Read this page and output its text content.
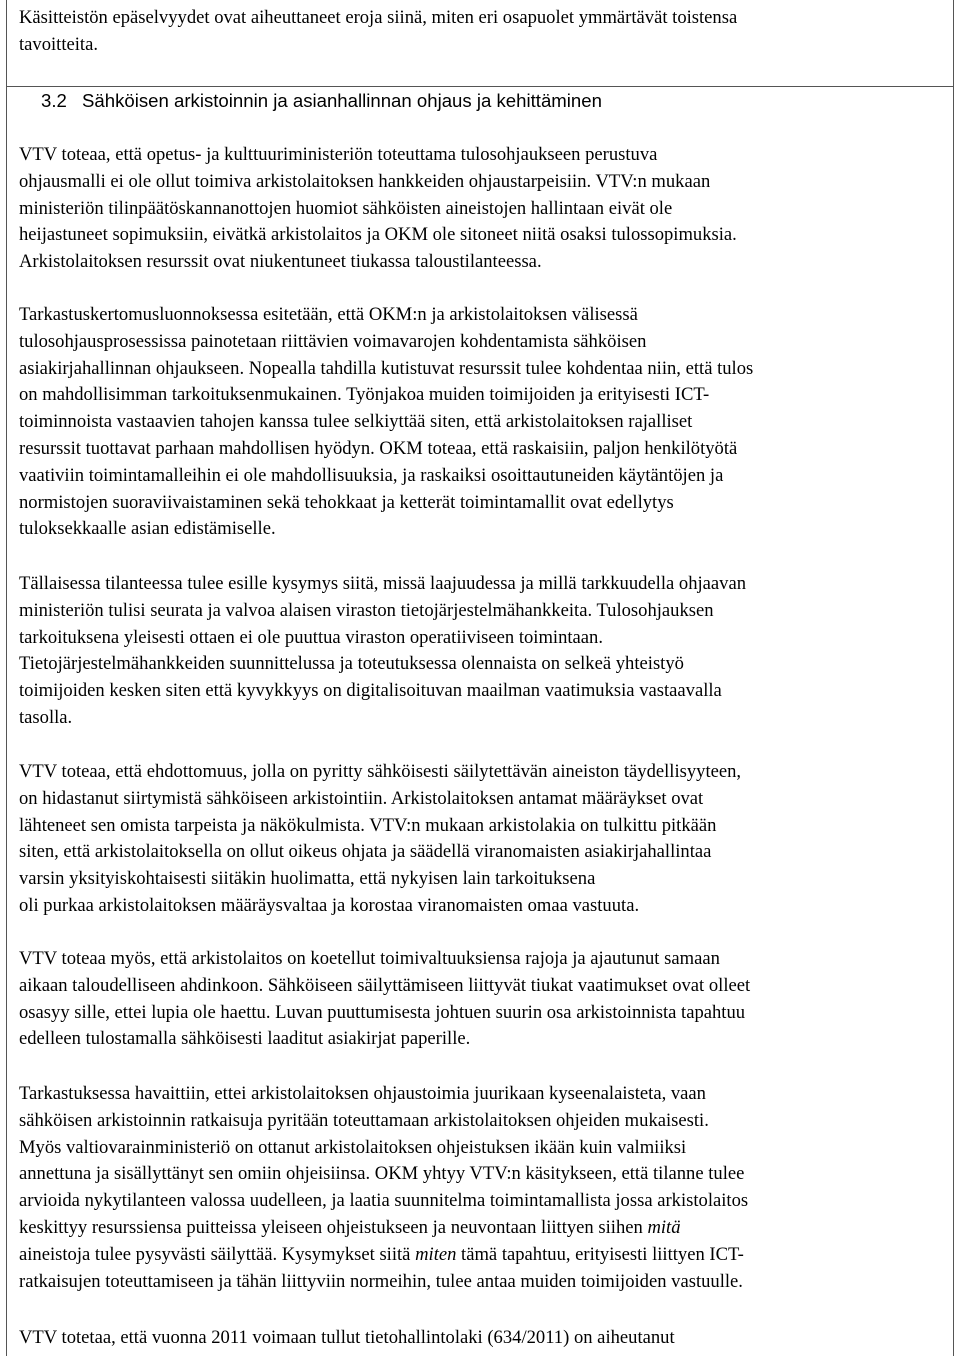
Käsitteistön epäselvyydet ovat aiheuttaneet eroja siinä, miten eri osapuolet ymmärtävät toistensa
tavoitteita.
3.2 Sähköisen arkistoinnin ja asianhallinnan ohjaus ja kehittäminen
VTV toteaa, että opetus- ja kulttuuriministeriön toteuttama tulosohjaukseen perustuva
ohjausmalli ei ole ollut toimiva arkistolaitoksen hankkeiden ohjaustarpeisiin. VTV:n mukaan
ministeriön tilinpäätöskannanottojen huomiot sähköisten aineistojen hallintaan eivät ole
heijastuneet sopimuksiin, eivätkä arkistolaitos ja OKM ole sitoneet niitä osaksi tulossopimuksia.
Arkistolaitoksen resurssit ovat niukentuneet tiukassa taloustilanteessa.
Tarkastuskertomusluonnoksessa esitetään, että OKM:n ja arkistolaitoksen välisessä
tulosohjausprosessissa painotetaan riittävien voimavarojen kohdentamista sähköisen
asiakirjahallinnan ohjaukseen. Nopealla tahdilla kutistuvat resurssit tulee kohdentaa niin, että tulos
on mahdollisimman tarkoituksenmukainen. Työnjakoa muiden toimijoiden ja erityisesti ICT-
toiminnoista vastaavien tahojen kanssa tulee selkiyttää siten, että arkistolaitoksen rajalliset
resurssit tuottavat parhaan mahdollisen hyödyn. OKM toteaa, että raskaisiin, paljon henkilötyötä
vaativiin toimintamalleihin ei ole mahdollisuuksia, ja raskaiksi osoittautuneiden käytäntöjen ja
normistojen suoraviivaistaminen sekä tehokkaat ja ketterät toimintamallit ovat edellytys
tuloksekkaalle asian edistämiselle.
Tällaisessa tilanteessa tulee esille kysymys siitä, missä laajuudessa ja millä tarkkuudella ohjaavan
ministeriön tulisi seurata ja valvoa alaisen viraston tietojärjestelmähankkeita. Tulosohjauksen
tarkoituksena yleisesti ottaen ei ole puuttua viraston operatiiviseen toimintaan.
Tietojärjestelmähankkeiden suunnittelussa ja toteutuksessa olennaista on selkeä yhteistyö
toimijoiden kesken siten että kyvykkyys on digitalisoituvan maailman vaatimuksia vastaavalla
tasolla.
VTV toteaa, että ehdottomuus, jolla on pyritty sähköisesti säilytettävän aineiston täydellisyyteen,
on hidastanut siirtymistä sähköiseen arkistointiin. Arkistolaitoksen antamat määräykset ovat
lähteneet sen omista tarpeista ja näkökulmista. VTV:n mukaan arkistolakia on tulkittu pitkään
siten, että arkistolaitoksella on ollut oikeus ohjata ja säädellä viranomaisten asiakirjahallintaa
varsin yksityiskohtaisesti siitäkin huolimatta, että nykyisen lain tarkoituksena
oli purkaa arkistolaitoksen määräysvaltaa ja korostaa viranomaisten omaa vastuuta.
VTV toteaa myös, että arkistolaitos on koetellut toimivaltuuksiensa rajoja ja ajautunut samaan
aikaan taloudelliseen ahdinkoon. Sähköiseen säilyttämiseen liittyvät tiukat vaatimukset ovat olleet
osasyy sille, ettei lupia ole haettu. Luvan puuttumisesta johtuen suurin osa arkistoinnista tapahtuu
edelleen tulostamalla sähköisesti laaditut asiakirjat paperille.
Tarkastuksessa havaittiin, ettei arkistolaitoksen ohjaustoimia juurikaan kyseenalaisteta, vaan
sähköisen arkistoinnin ratkaisuja pyritään toteuttamaan arkistolaitoksen ohjeiden mukaisesti.
Myös valtiovarainministeriö on ottanut arkistolaitoksen ohjeistuksen ikään kuin valmiiksi
annettuna ja sisällyttänyt sen omiin ohjeisiinsa. OKM yhtyy VTV:n käsitykseen, että tilanne tulee
arvioida nykytilanteen valossa uudelleen, ja laatia suunnitelma toimintamallista jossa arkistolaitos
keskittyy resurssiensa puitteissa yleiseen ohjeistukseen ja neuvontaan liittyen siihen mitä
aineistoja tulee pysyvästi säilyttää. Kysymykset siitä miten tämä tapahtuu, erityisesti liittyen ICT-
ratkaisujen toteuttamiseen ja tähän liittyviin normeihin, tulee antaa muiden toimijoiden vastuulle.
VTV totetaa, että vuonna 2011 voimaan tullut tietohallintolaki (634/2011) on aiheutanut
